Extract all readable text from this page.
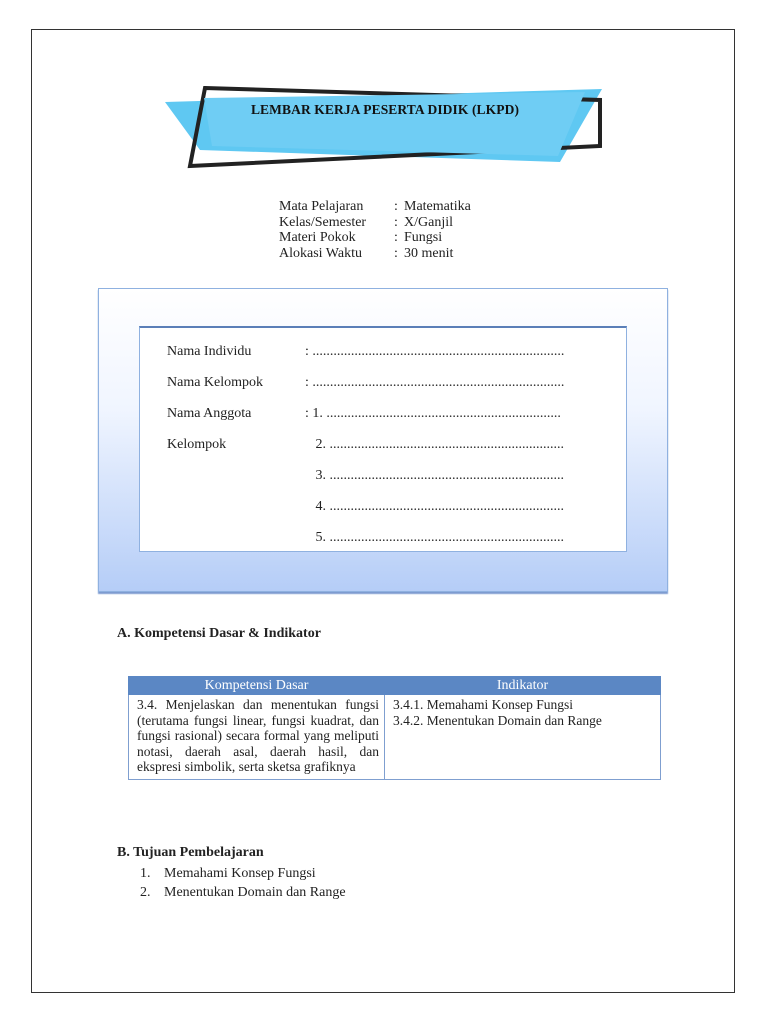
LEMBAR KERJA PESERTA DIDIK (LKPD)
Mata Pelajaran	: Matematika
Kelas/Semester	: X/Ganjil
Materi Pokok	: Fungsi
Alokasi Waktu	: 30 menit
Nama Individu	: ........................................................................
Nama Kelompok	: ........................................................................
Nama Anggota	: 1. ...................................................................
Kelompok	2. ...................................................................
3. ...................................................................
4. ...................................................................
5. ...................................................................
A. Kompetensi Dasar & Indikator
Kompetensi Dasar	Indikator

3.4. Menjelaskan dan menentukan fungsi (terutama fungsi linear, fungsi kuadrat, dan fungsi rasional) secara formal yang meliputi notasi, daerah asal, daerah hasil, dan ekspresi simbolik, serta sketsa grafiknya	3.4.1. Memahami Konsep Fungsi
3.4.2. Menentukan Domain dan Range
B. Tujuan Pembelajaran
1. Memahami Konsep Fungsi
2. Menentukan Domain dan Range
